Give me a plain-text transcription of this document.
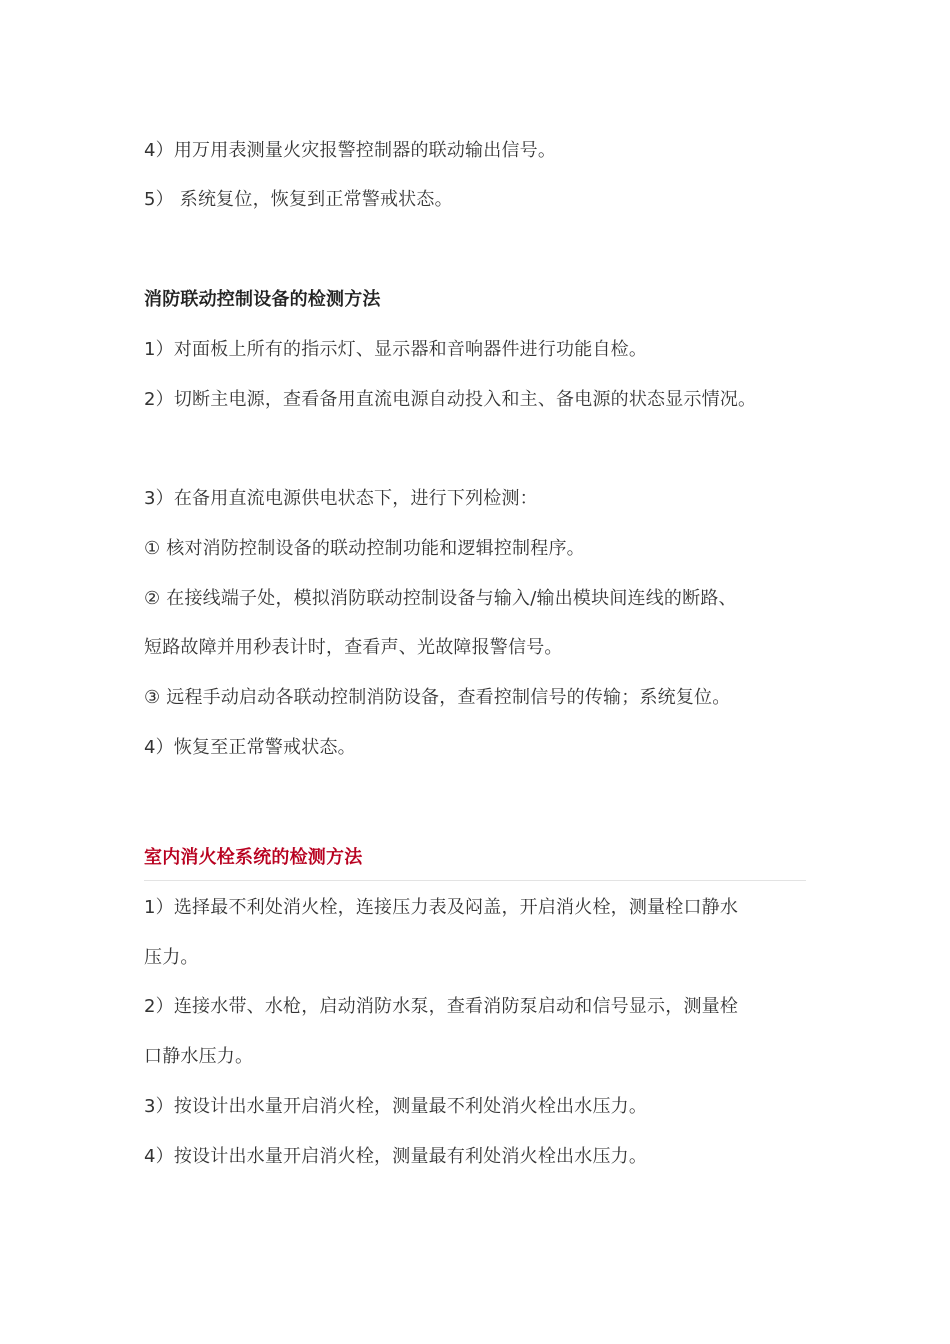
4）用万用表测量火灾报警控制器的联动输出信号。
5） 系统复位，恢复到正常警戒状态。
消防联动控制设备的检测方法
1）对面板上所有的指示灯、显示器和音响器件进行功能自检。
2）切断主电源，查看备用直流电源自动投入和主、备电源的状态显示情况。
3）在备用直流电源供电状态下，进行下列检测：
① 核对消防控制设备的联动控制功能和逻辑控制程序。
② 在接线端子处，模拟消防联动控制设备与输入/输出模块间连线的断路、
短路故障并用秒表计时，查看声、光故障报警信号。
③ 远程手动启动各联动控制消防设备，查看控制信号的传输；系统复位。
4）恢复至正常警戒状态。
室内消火栓系统的检测方法
1）选择最不利处消火栓，连接压力表及闷盖，开启消火栓，测量栓口静水
压力。
2）连接水带、水枪，启动消防水泵，查看消防泵启动和信号显示，测量栓
口静水压力。
3）按设计出水量开启消火栓，测量最不利处消火栓出水压力。
4）按设计出水量开启消火栓，测量最有利处消火栓出水压力。
